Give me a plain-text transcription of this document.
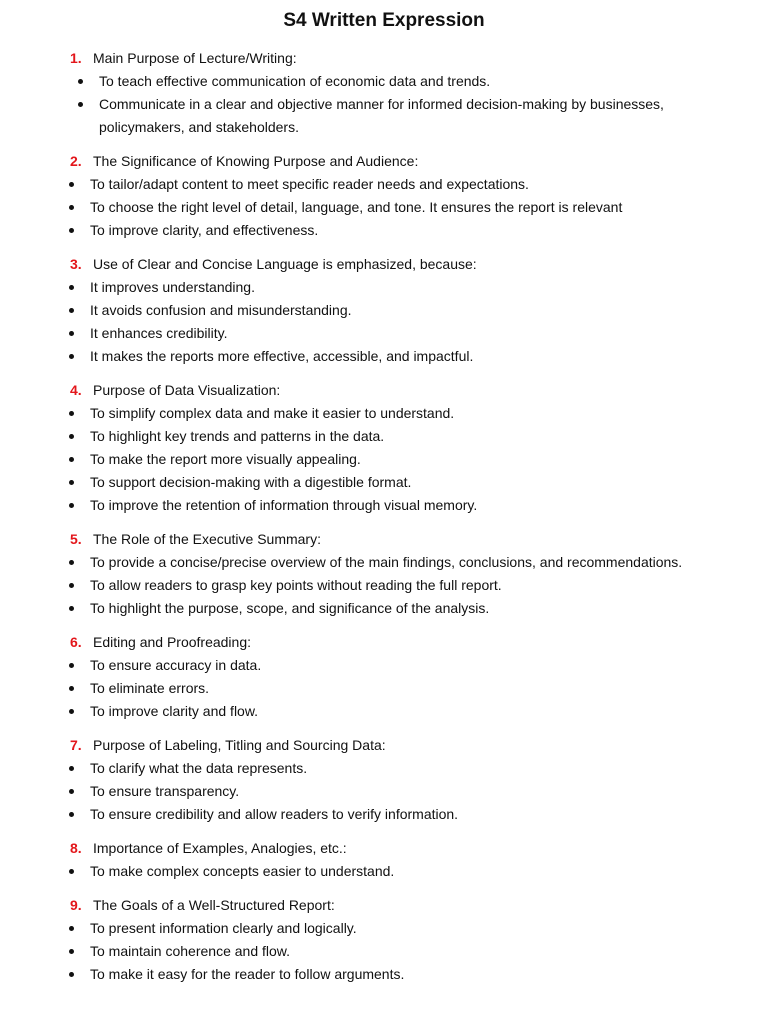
S4 Written Expression
1. Main Purpose of Lecture/Writing:
To teach effective communication of economic data and trends.
Communicate in a clear and objective manner for informed decision-making by businesses, policymakers, and stakeholders.
2. The Significance of Knowing Purpose and Audience:
To tailor/adapt content to meet specific reader needs and expectations.
To choose the right level of detail, language, and tone. It ensures the report is relevant
To improve clarity, and effectiveness.
3. Use of Clear and Concise Language is emphasized, because:
It improves understanding.
It avoids confusion and misunderstanding.
It enhances credibility.
It makes the reports more effective, accessible, and impactful.
4. Purpose of Data Visualization:
To simplify complex data and make it easier to understand.
To highlight key trends and patterns in the data.
To make the report more visually appealing.
To support decision-making with a digestible format.
To improve the retention of information through visual memory.
5. The Role of the Executive Summary:
To provide a concise/precise overview of the main findings, conclusions, and recommendations.
To allow readers to grasp key points without reading the full report.
To highlight the purpose, scope, and significance of the analysis.
6. Editing and Proofreading:
To ensure accuracy in data.
To eliminate errors.
To improve clarity and flow.
7. Purpose of Labeling, Titling and Sourcing Data:
To clarify what the data represents.
To ensure transparency.
To ensure credibility and allow readers to verify information.
8. Importance of Examples, Analogies, etc.:
To make complex concepts easier to understand.
9. The Goals of a Well-Structured Report:
To present information clearly and logically.
To maintain coherence and flow.
To make it easy for the reader to follow arguments.
